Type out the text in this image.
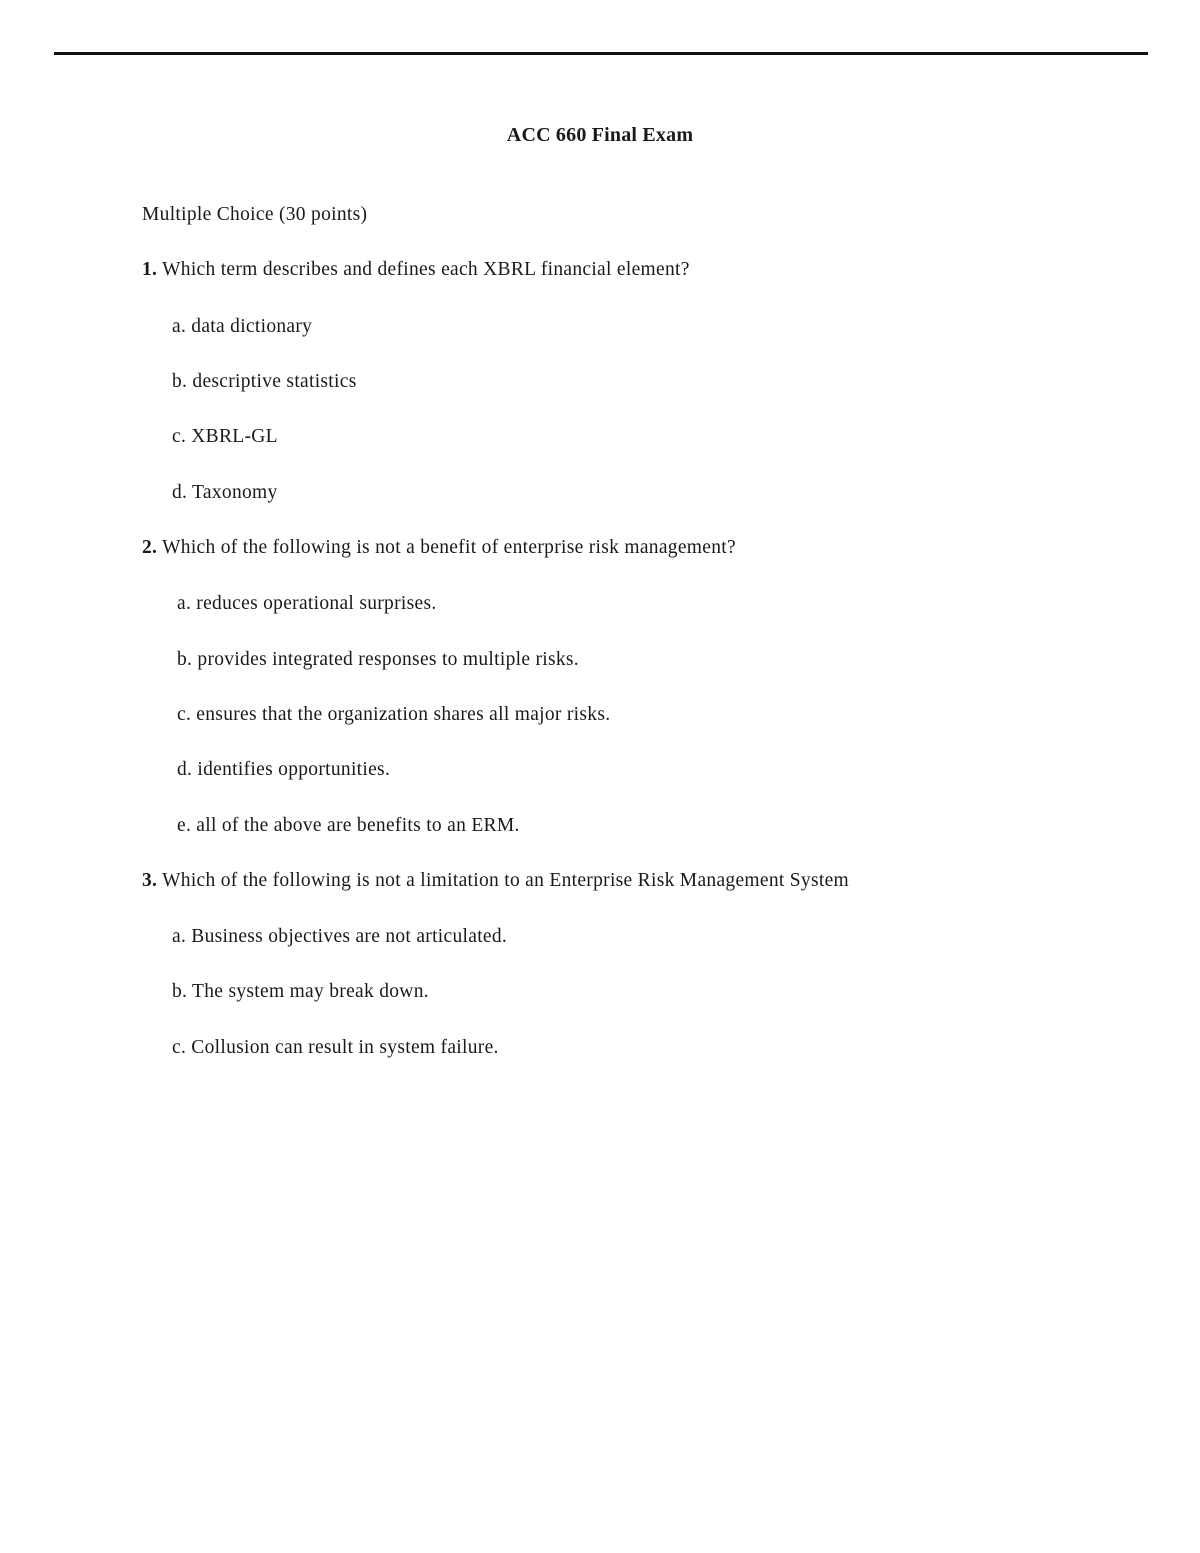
ACC 660 Final Exam
Multiple Choice (30 points)
1. Which term describes and defines each XBRL financial element?
a. data dictionary
b. descriptive statistics
c. XBRL-GL
d. Taxonomy
2. Which of the following is not a benefit of enterprise risk management?
a. reduces operational surprises.
b. provides integrated responses to multiple risks.
c. ensures that the organization shares all major risks.
d. identifies opportunities.
e. all of the above are benefits to an ERM.
3. Which of the following is not a limitation to an Enterprise Risk Management System
a. Business objectives are not articulated.
b. The system may break down.
c. Collusion can result in system failure.
